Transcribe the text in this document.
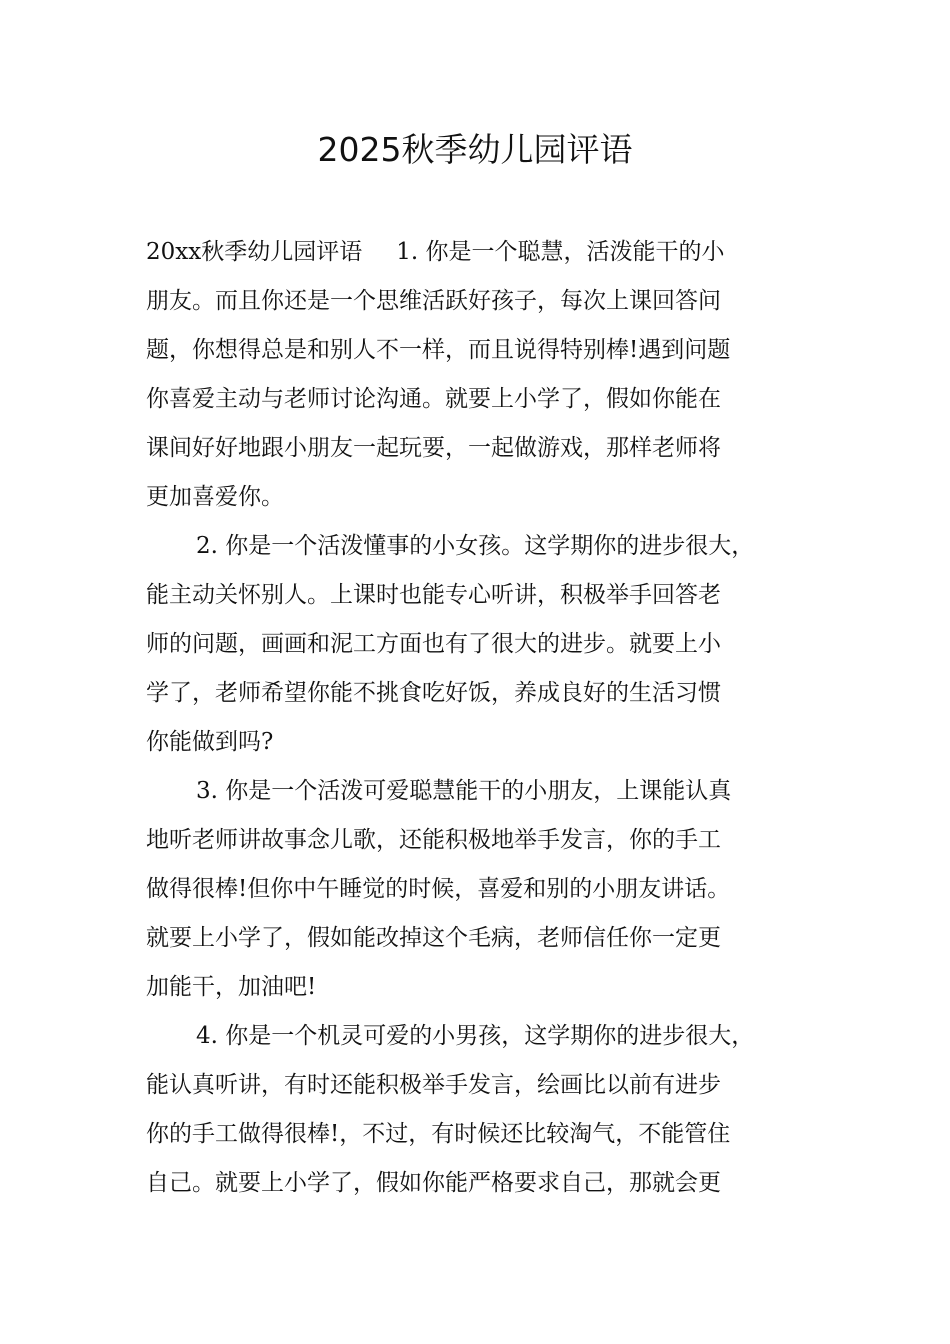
2025秋季幼儿园评语
20xx秋季幼儿园评语 1. 你是一个聪慧，活泼能干的小
朋友。而且你还是一个思维活跃好孩子，每次上课回答问
题，你想得总是和别人不一样，而且说得特别棒!遇到问题
你喜爱主动与老师讨论沟通。就要上小学了，假如你能在
课间好好地跟小朋友一起玩要，一起做游戏，那样老师将
更加喜爱你。
2. 你是一个活泼懂事的小女孩。这学期你的进步很大，
能主动关怀别人。上课时也能专心听讲，积极举手回答老
师的问题，画画和泥工方面也有了很大的进步。就要上小
学了，老师希望你能不挑食吃好饭，养成良好的生活习惯
你能做到吗?
3. 你是一个活泼可爱聪慧能干的小朋友，上课能认真
地听老师讲故事念儿歌，还能积极地举手发言，你的手工
做得很棒!但你中午睡觉的时候，喜爱和别的小朋友讲话。
就要上小学了，假如能改掉这个毛病，老师信任你一定更
加能干，加油吧!
4. 你是一个机灵可爱的小男孩，这学期你的进步很大，
能认真听讲，有时还能积极举手发言，绘画比以前有进步
你的手工做得很棒!，不过，有时候还比较淘气，不能管住
自己。就要上小学了，假如你能严格要求自己，那就会更
